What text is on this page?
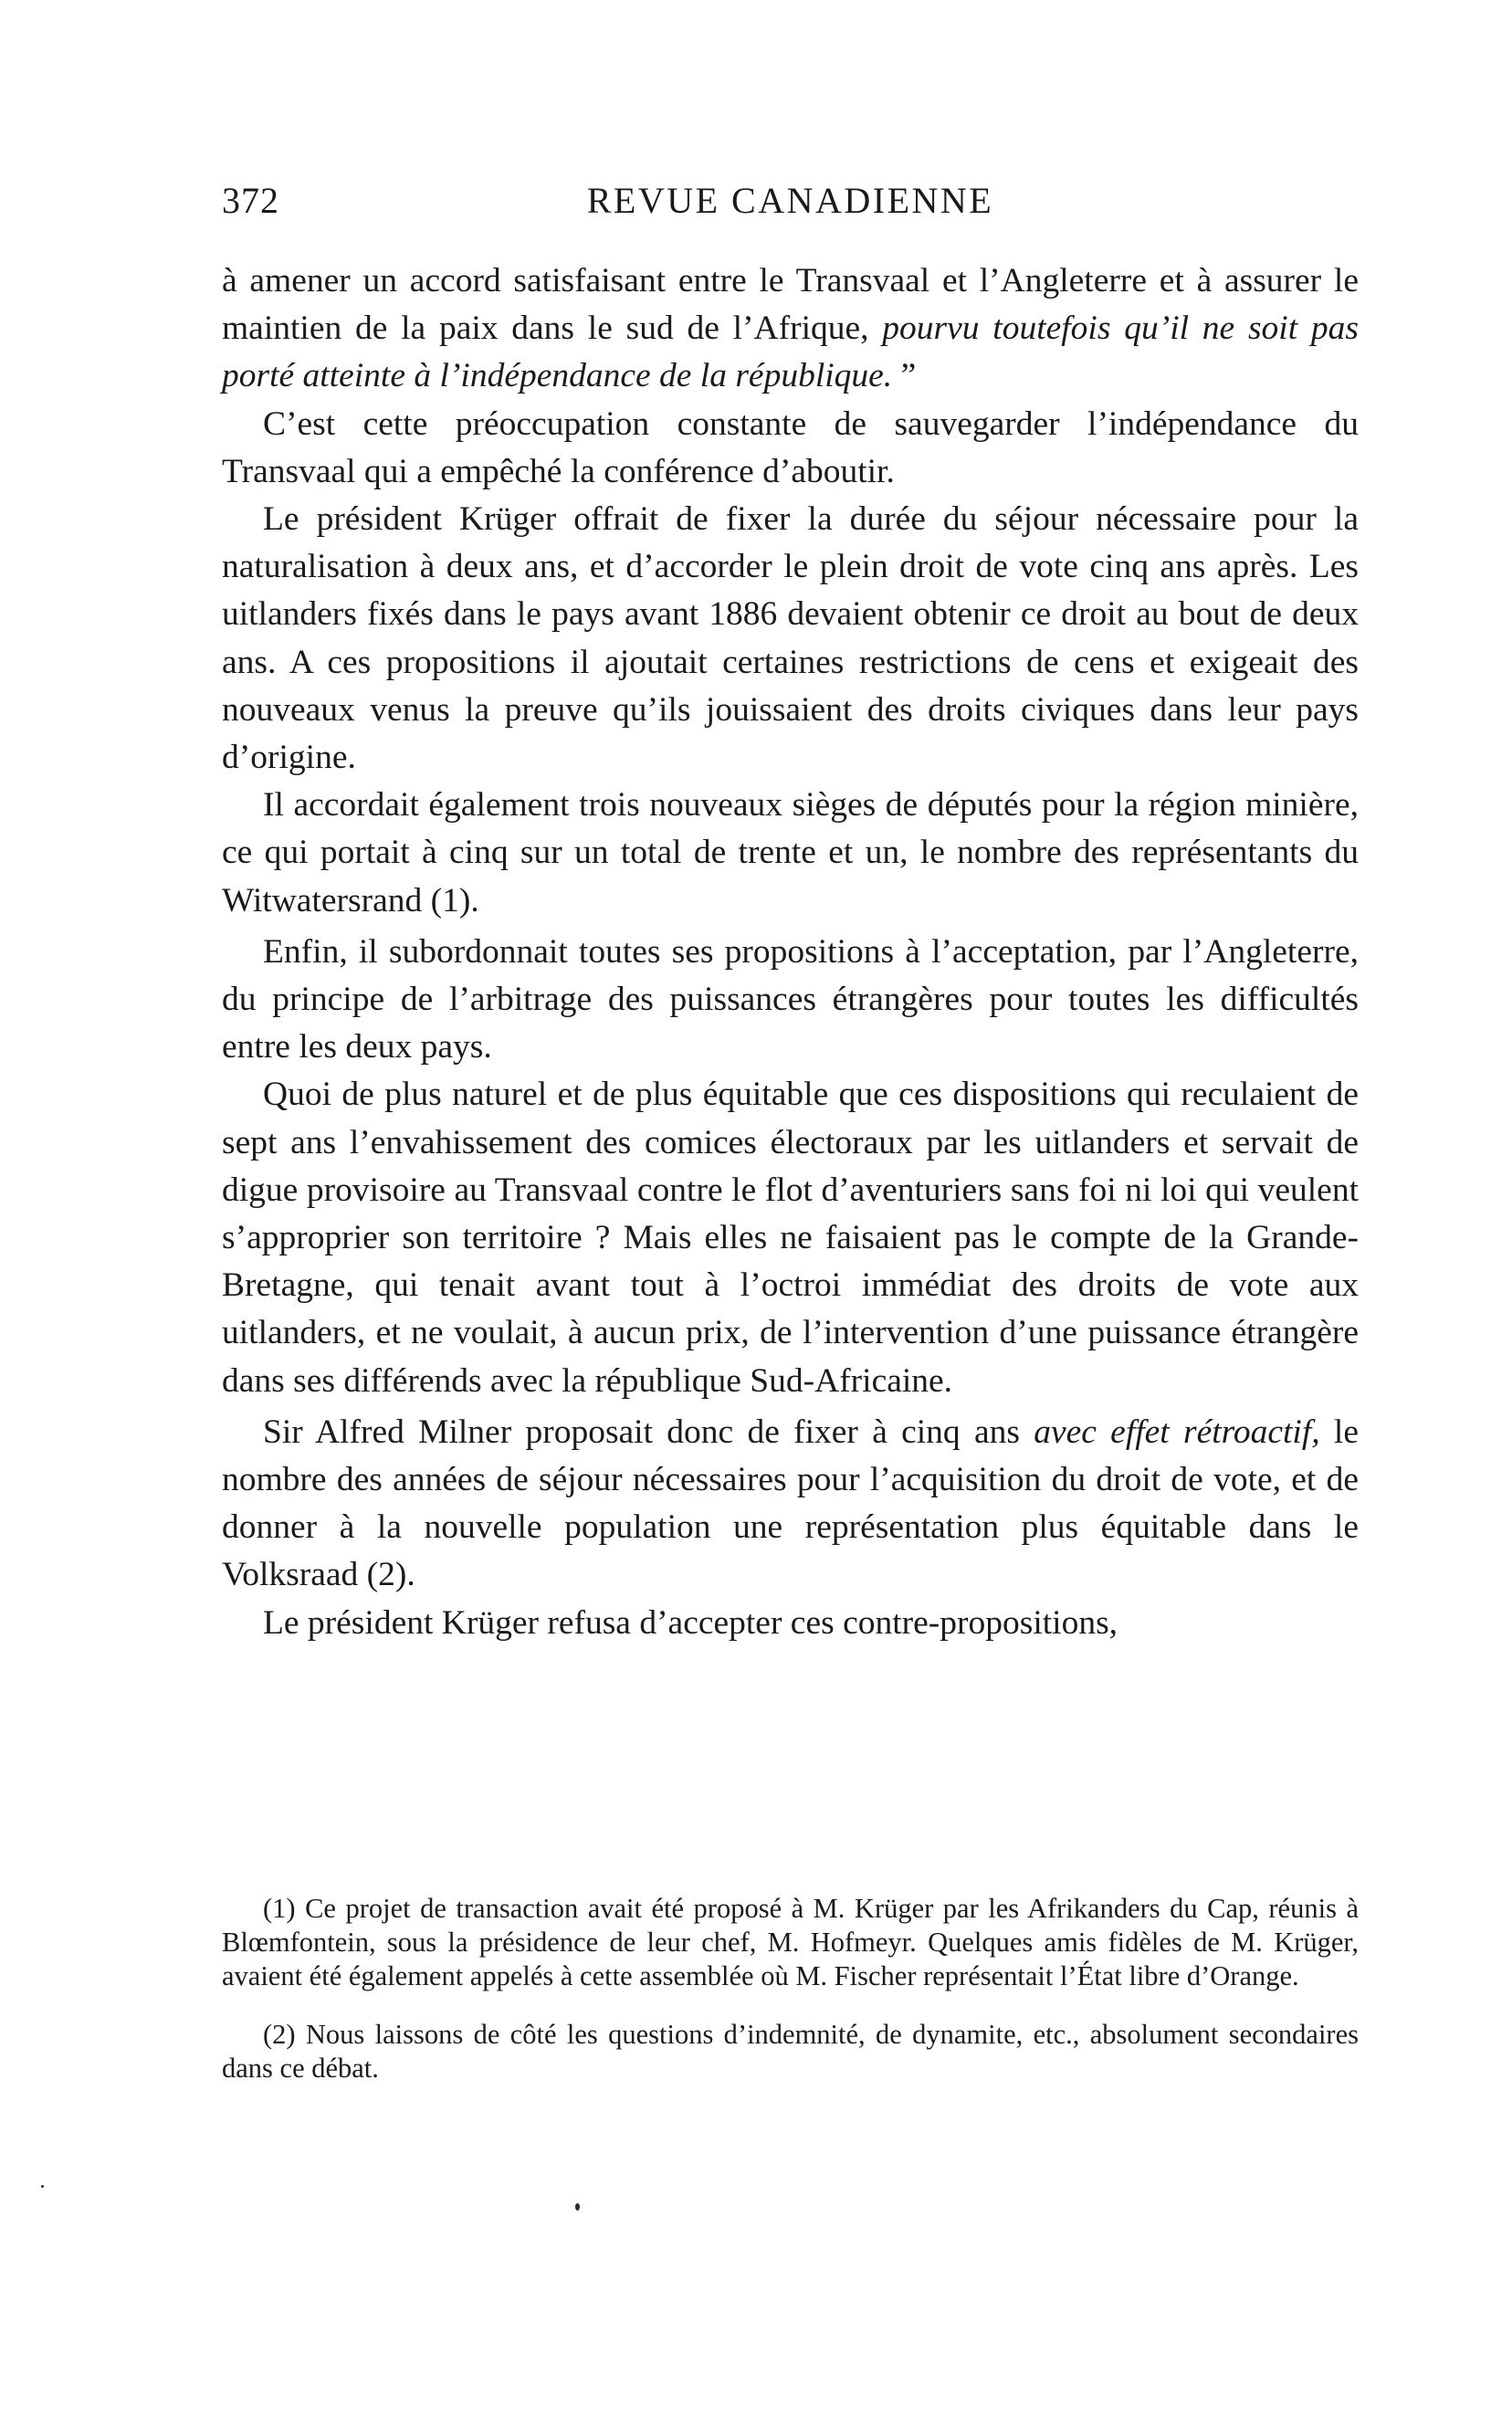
372	REVUE CANADIENNE

à amener un accord satisfaisant entre le Transvaal et l’Angleterre et à assurer le maintien de la paix dans le sud de l’Afrique, pourvu toutefois qu’il ne soit pas porté atteinte à l’indépendance de la république. ”

C’est cette préoccupation constante de sauvegarder l’indépendance du Transvaal qui a empêché la conférence d’aboutir.

Le président Krüger offrait de fixer la durée du séjour nécessaire pour la naturalisation à deux ans, et d’accorder le plein droit de vote cinq ans après. Les uitlanders fixés dans le pays avant 1886 devaient obtenir ce droit au bout de deux ans. A ces propositions il ajoutait certaines restrictions de cens et exigeait des nouveaux venus la preuve qu’ils jouissaient des droits civiques dans leur pays d’origine.

Il accordait également trois nouveaux sièges de députés pour la région minière, ce qui portait à cinq sur un total de trente et un, le nombre des représentants du Witwatersrand (1).

Enfin, il subordonnait toutes ses propositions à l’acceptation, par l’Angleterre, du principe de l’arbitrage des puissances étrangères pour toutes les difficultés entre les deux pays.

Quoi de plus naturel et de plus équitable que ces dispositions qui reculaient de sept ans l’envahissement des comices électoraux par les uitlanders et servait de digue provisoire au Transvaal contre le flot d’aventuriers sans foi ni loi qui veulent s’approprier son territoire ? Mais elles ne faisaient pas le compte de la Grande-Bretagne, qui tenait avant tout à l’octroi immédiat des droits de vote aux uitlanders, et ne voulait, à aucun prix, de l’intervention d’une puissance étrangère dans ses différends avec la république Sud-Africaine.

Sir Alfred Milner proposait donc de fixer à cinq ans avec effet rétroactif, le nombre des années de séjour nécessaires pour l’acquisition du droit de vote, et de donner à la nouvelle population une représentation plus équitable dans le Volksraad (2).

Le président Krüger refusa d’accepter ces contre-propositions,

(1) Ce projet de transaction avait été proposé à M. Krüger par les Afrikanders du Cap, réunis à Blœmfontein, sous la présidence de leur chef, M. Hofmeyr. Quelques amis fidèles de M. Krüger, avaient été également appelés à cette assemblée où M. Fischer représentait l’État libre d’Orange.

(2) Nous laissons de côté les questions d’indemnité, de dynamite, etc., absolument secondaires dans ce débat.
